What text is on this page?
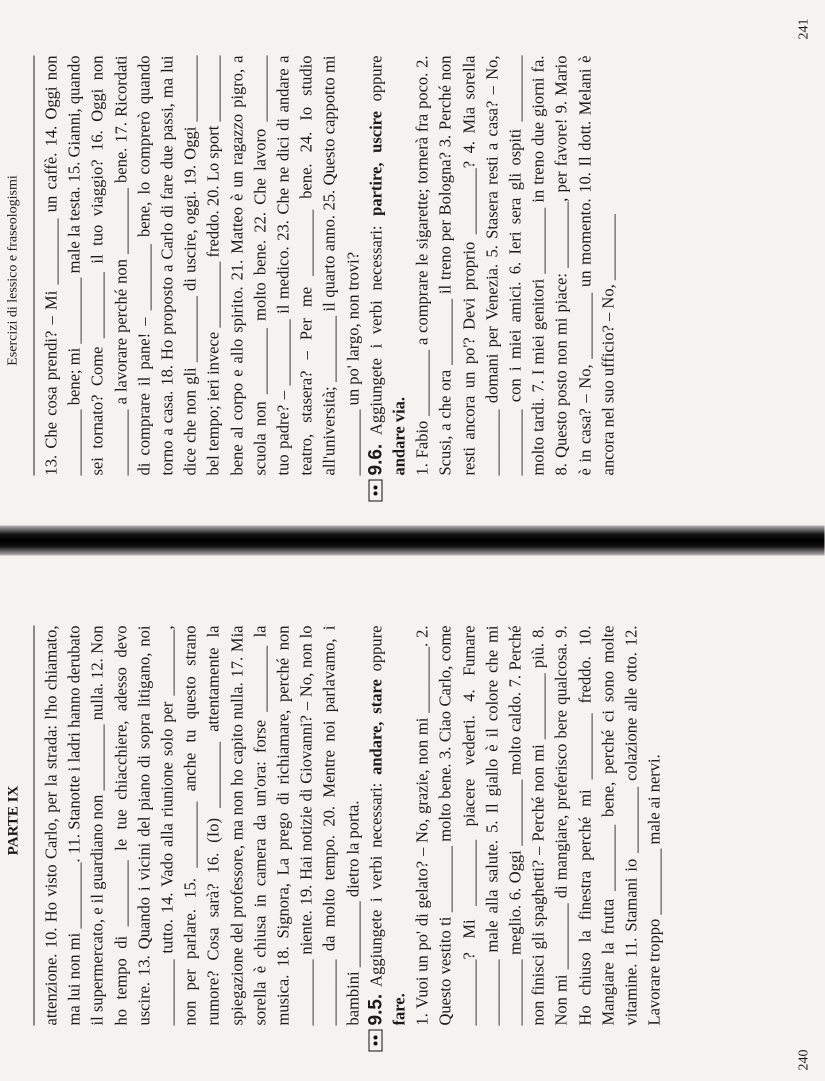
PARTE IX attenzione. 10. Ho visto Carlo, per la strada: l'ho chiamato, ma lui non mi ________. 11. Stanotte i ladri hanno derubato il supermercato, e il guardiano non ________ nulla. 12. Non ho tempo di ________ le tue chiacchiere, adesso devo uscire. 13. Quando i vicini del piano di sopra litigano, noi ________ tutto. 14. Vado alla riunione solo per ________, non per parlare. 15. ________ anche tu questo strano rumore? Cosa sarà? 16. (Io) ________ attentamente la spiegazione del professore, ma non ho capito nulla. 17. Mia sorella è chiusa in camera da un'ora: forse ________ la musica. 18. Signora, La prego di richiamare, perché non ________ niente. 19. Hai notizie di Giovanni? – No, non lo ________ da molto tempo. 20. Mentre noi parlavamo, i bambini ________ dietro la porta. 9.5. Aggiungete i verbi necessari: andare, stare oppure fare. 1. Vuoi un po' di gelato? – No, grazie, non mi ________. 2. Questo vestito ti ________ molto bene. 3. Ciao Carlo, come ________? Mi ________ piacere vederti. 4. Fumare ________ male alla salute. 5. Il giallo è il colore che mi ________ meglio. 6. Oggi ________ molto caldo. 7. Perché non finisci gli spaghetti? – Perché non mi ________ più. 8. Non mi ________ di mangiare, preferisco bere qualcosa. 9. Ho chiuso la finestra perché mi ________ freddo. 10. Mangiare la frutta ________ bene, perché ci sono molte vitamine. 11. Stamani io ________ colazione alle otto. 12. Lavorare troppo ________ male ai nervi.

240
Esercizi di lessico e fraseologismi 13. Che cosa prendi? – Mi ________ un caffè. 14. Oggi non ________ bene; mi ________ male la testa. 15. Gianni, quando sei tornato? Come ________ il tuo viaggio? 16. Oggi non ________ a lavorare perché non ________ bene. 17. Ricordati di comprare il pane! – ________ bene, lo comprerò quando torno a casa. 18. Ho proposto a Carlo di fare due passi, ma lui dice che non gli ________ di uscire, oggi. 19. Oggi ________ bel tempo; ieri invece ________ freddo. 20. Lo sport ________ bene al corpo e allo spirito. 21. Matteo è un ragazzo pigro, a scuola non ________ molto bene. 22. Che lavoro ________ tuo padre? – ________ il medico. 23. Che ne dici di andare a teatro, stasera? – Per me ________ bene. 24. Io studio all'università; ________ il quarto anno. 25. Questo cappotto mi ________ un po' largo, non trovi? 9.6. Aggiungete i verbi necessari: partire, uscire oppure andare via. 1. Fabio ________ a comprare le sigarette; tornerà fra poco. 2. Scusi, a che ora ________ il treno per Bologna? 3. Perché non resti ancora un po'? Devi proprio ________? 4. Mia sorella ________ domani per Venezia. 5. Stasera resti a casa? – No, ________ con i miei amici. 6. Ieri sera gli ospiti ________ molto tardi. 7. I miei genitori ________ in treno due giorni fa. 8. Questo posto non mi piace: ________, per favore! 9. Mario è in casa? – No, ________ un momento. 10. Il dott. Melani è ancora nel suo ufficio? – No, ________

241
